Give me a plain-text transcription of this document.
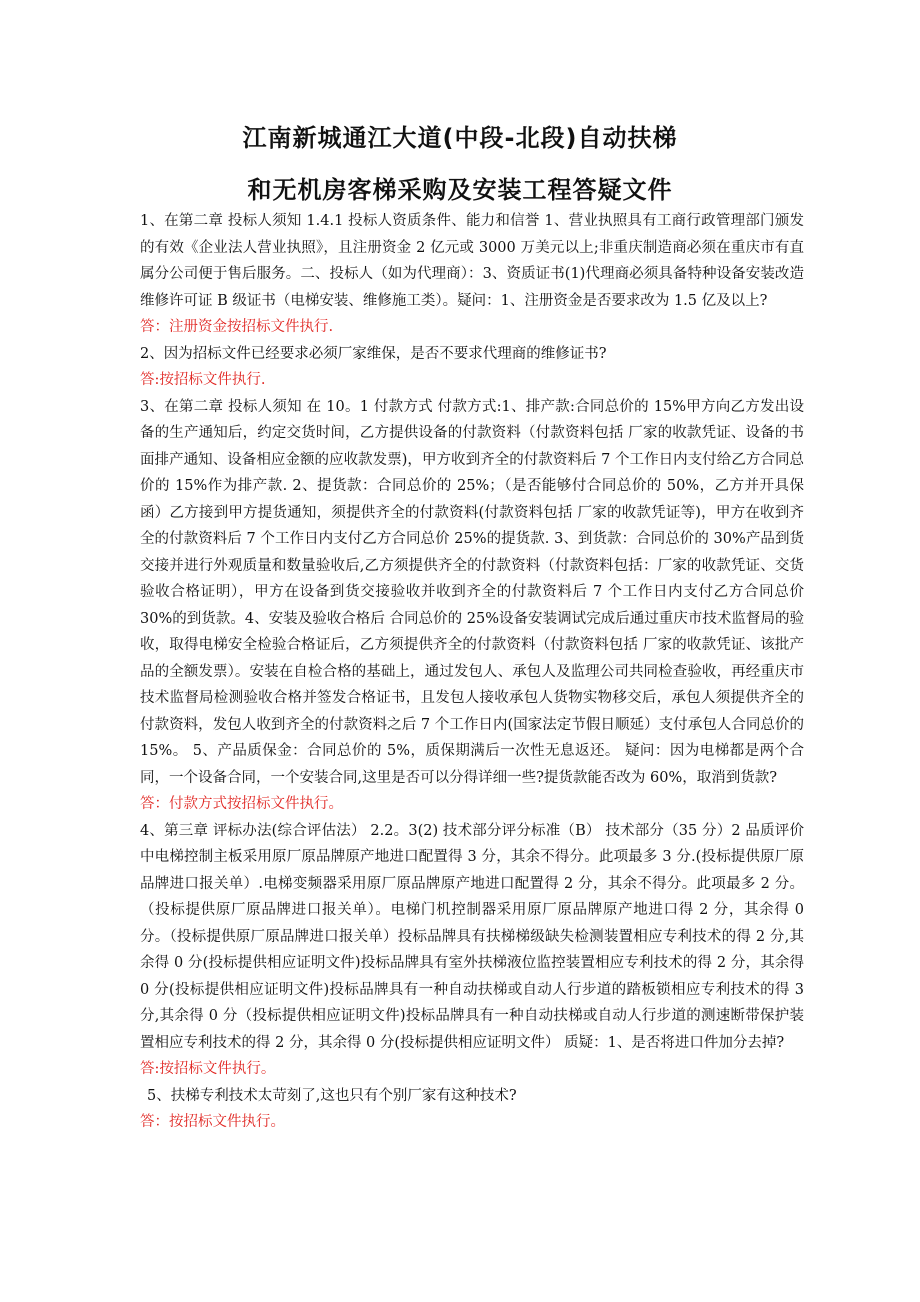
江南新城通江大道(中段-北段)自动扶梯
和无机房客梯采购及安装工程答疑文件

1、在第二章 投标人须知 1.4.1 投标人资质条件、能力和信誉 1、营业执照具有工商行政管理部门颁发的有效《企业法人营业执照》，且注册资金 2 亿元或 3000 万美元以上;非重庆制造商必须在重庆市有直属分公司便于售后服务。二、投标人（如为代理商）：3、资质证书(1)代理商必须具备特种设备安装改造维修许可证 B 级证书（电梯安装、维修施工类）。疑问：1、注册资金是否要求改为 1.5 亿及以上?

答：注册资金按招标文件执行.

2、因为招标文件已经要求必须厂家维保，是否不要求代理商的维修证书?

答:按招标文件执行.

3、在第二章 投标人须知 在 10。1 付款方式 付款方式:1、排产款:合同总价的 15%甲方向乙方发出设备的生产通知后，约定交货时间，乙方提供设备的付款资料（付款资料包括 厂家的收款凭证、设备的书面排产通知、设备相应金额的应收款发票)，甲方收到齐全的付款资料后 7 个工作日内支付给乙方合同总价的 15%作为排产款. 2、提货款：合同总价的 25%；（是否能够付合同总价的 50%，乙方并开具保函）乙方接到甲方提货通知，须提供齐全的付款资料(付款资料包括 厂家的收款凭证等)，甲方在收到齐全的付款资料后 7 个工作日内支付乙方合同总价 25%的提货款. 3、到货款：合同总价的 30%产品到货交接并进行外观质量和数量验收后,乙方须提供齐全的付款资料（付款资料包括：厂家的收款凭证、交货验收合格证明），甲方在设备到货交接验收并收到齐全的付款资料后 7 个工作日内支付乙方合同总价 30%的到货款。4、安装及验收合格后 合同总价的 25%设备安装调试完成后通过重庆市技术监督局的验收，取得电梯安全检验合格证后，乙方须提供齐全的付款资料（付款资料包括 厂家的收款凭证、该批产品的全额发票）。安装在自检合格的基础上，通过发包人、承包人及监理公司共同检查验收，再经重庆市技术监督局检测验收合格并签发合格证书，且发包人接收承包人货物实物移交后，承包人须提供齐全的付款资料，发包人收到齐全的付款资料之后 7 个工作日内(国家法定节假日顺延）支付承包人合同总价的 15%。 5、产品质保金：合同总价的 5%，质保期满后一次性无息返还。 疑问：因为电梯都是两个合同，一个设备合同，一个安装合同,这里是否可以分得详细一些?提货款能否改为 60%，取消到货款?

答：付款方式按招标文件执行。

4、第三章 评标办法(综合评估法） 2.2。3(2) 技术部分评分标准（B） 技术部分（35 分）2 品质评价中电梯控制主板采用原厂原品牌原产地进口配置得 3 分，其余不得分。此项最多 3 分.(投标提供原厂原品牌进口报关单）.电梯变频器采用原厂原品牌原产地进口配置得 2 分，其余不得分。此项最多 2 分。（投标提供原厂原品牌进口报关单）。电梯门机控制器采用原厂原品牌原产地进口得 2 分，其余得 0 分。（投标提供原厂原品牌进口报关单）投标品牌具有扶梯梯级缺失检测装置相应专利技术的得 2 分,其余得 0 分(投标提供相应证明文件)投标品牌具有室外扶梯液位监控装置相应专利技术的得 2 分，其余得 0 分(投标提供相应证明文件)投标品牌具有一种自动扶梯或自动人行步道的踏板锁相应专利技术的得 3 分,其余得 0 分（投标提供相应证明文件)投标品牌具有一种自动扶梯或自动人行步道的测速断带保护装置相应专利技术的得 2 分，其余得 0 分(投标提供相应证明文件） 质疑：1、是否将进口件加分去掉?

答:按招标文件执行。

5、扶梯专利技术太苛刻了,这也只有个别厂家有这种技术?

答：按招标文件执行。
